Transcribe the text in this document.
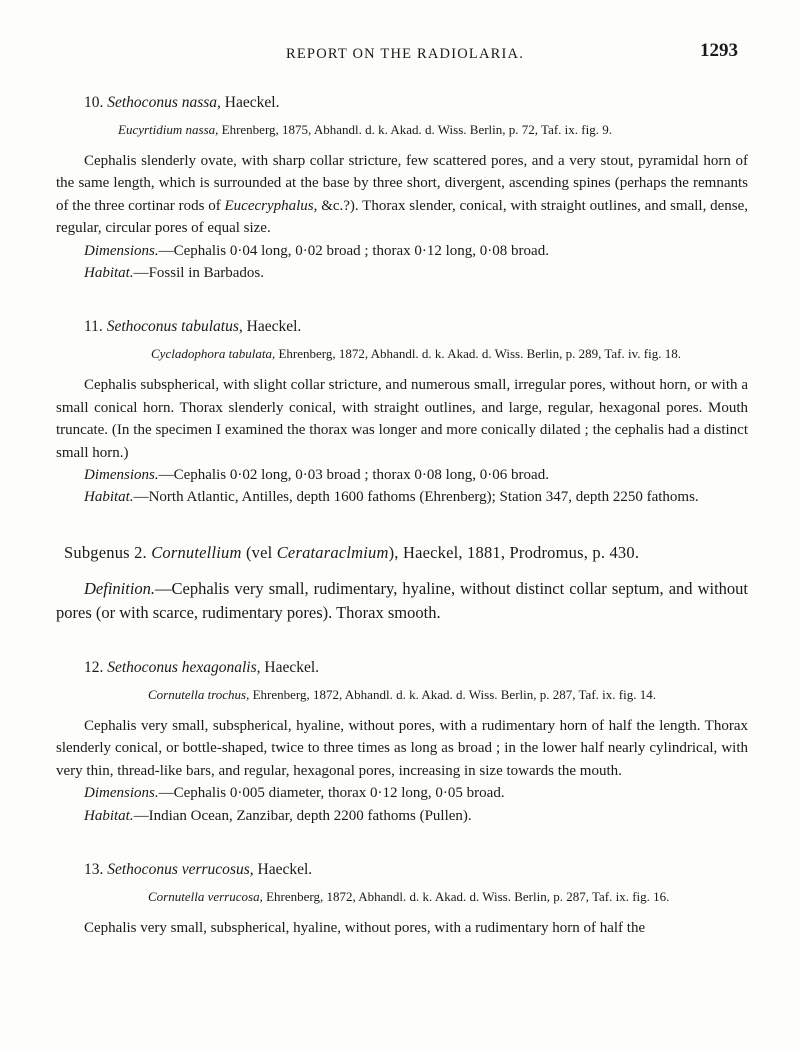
REPORT ON THE RADIOLARIA.	1293

10. Sethoconus nassa, Haeckel.

Eucyrtidium nassa, Ehrenberg, 1875, Abhandl. d. k. Akad. d. Wiss. Berlin, p. 72, Taf. ix. fig. 9.

Cephalis slenderly ovate, with sharp collar stricture, few scattered pores, and a very stout, pyramidal horn of the same length, which is surrounded at the base by three short, divergent, ascending spines (perhaps the remnants of the three cortinar rods of Eucecryphalus, &c.?). Thorax slender, conical, with straight outlines, and small, dense, regular, circular pores of equal size.

Dimensions.—Cephalis 0·04 long, 0·02 broad ; thorax 0·12 long, 0·08 broad.

Habitat.—Fossil in Barbados.

11. Sethoconus tabulatus, Haeckel.

Cycladophora tabulata, Ehrenberg, 1872, Abhandl. d. k. Akad. d. Wiss. Berlin, p. 289, Taf. iv. fig. 18.

Cephalis subspherical, with slight collar stricture, and numerous small, irregular pores, without horn, or with a small conical horn. Thorax slenderly conical, with straight outlines, and large, regular, hexagonal pores. Mouth truncate. (In the specimen I examined the thorax was longer and more conically dilated ; the cephalis had a distinct small horn.)

Dimensions.—Cephalis 0·02 long, 0·03 broad ; thorax 0·08 long, 0·06 broad.

Habitat.—North Atlantic, Antilles, depth 1600 fathoms (Ehrenberg); Station 347, depth 2250 fathoms.

Subgenus 2. Cornutellium (vel Cerataraclmium), Haeckel, 1881, Prodromus, p. 430.

Definition.—Cephalis very small, rudimentary, hyaline, without distinct collar septum, and without pores (or with scarce, rudimentary pores). Thorax smooth.

12. Sethoconus hexagonalis, Haeckel.

Cornutella trochus, Ehrenberg, 1872, Abhandl. d. k. Akad. d. Wiss. Berlin, p. 287, Taf. ix. fig. 14.

Cephalis very small, subspherical, hyaline, without pores, with a rudimentary horn of half the length. Thorax slenderly conical, or bottle-shaped, twice to three times as long as broad ; in the lower half nearly cylindrical, with very thin, thread-like bars, and regular, hexagonal pores, increasing in size towards the mouth.

Dimensions.—Cephalis 0·005 diameter, thorax 0·12 long, 0·05 broad.

Habitat.—Indian Ocean, Zanzibar, depth 2200 fathoms (Pullen).

13. Sethoconus verrucosus, Haeckel.

Cornutella verrucosa, Ehrenberg, 1872, Abhandl. d. k. Akad. d. Wiss. Berlin, p. 287, Taf. ix. fig. 16.

Cephalis very small, subspherical, hyaline, without pores, with a rudimentary horn of half the
